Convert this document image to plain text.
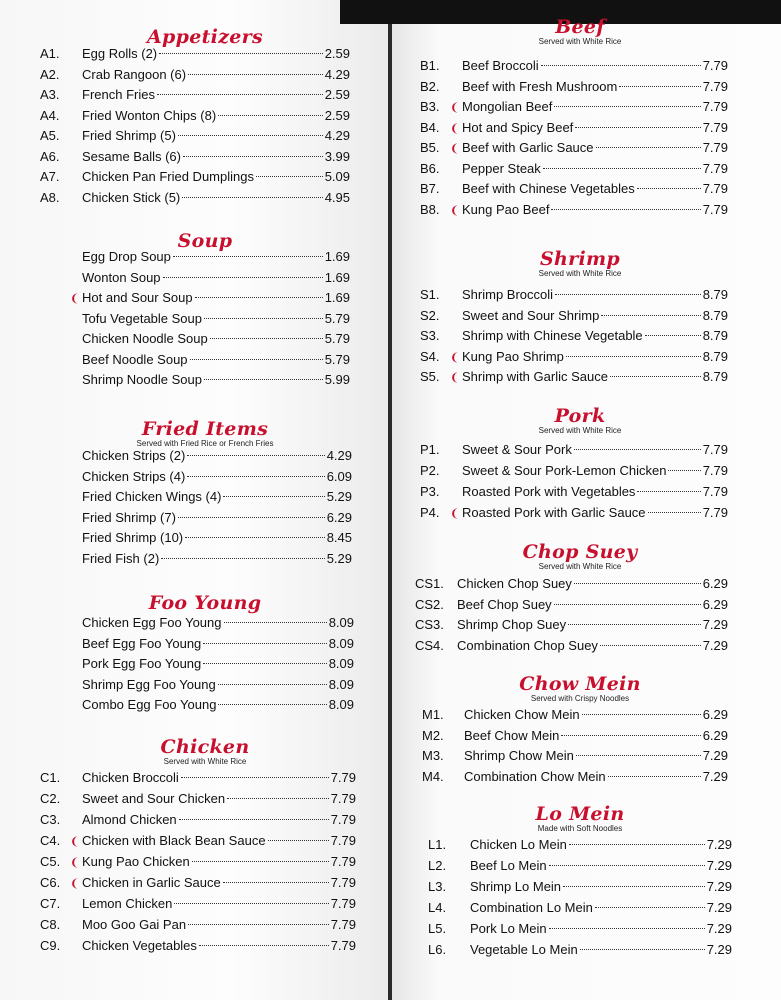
Appetizers
A1.	Egg Rolls (2)	2.59
A2.	Crab Rangoon (6)	4.29
A3.	French Fries	2.59
A4.	Fried Wonton Chips (8)	2.59
A5.	Fried Shrimp (5)	4.29
A6.	Sesame Balls (6)	3.99
A7.	Chicken Pan Fried Dumplings	5.09
A8.	Chicken Stick (5)	4.95
Soup
Egg Drop Soup	1.69
Wonton Soup	1.69
❨ Hot and Sour Soup	1.69
Tofu Vegetable Soup	5.79
Chicken Noodle Soup	5.79
Beef Noodle Soup	5.79
Shrimp Noodle Soup	5.99
Fried Items
Served with Fried Rice or French Fries
Chicken Strips (2)	4.29
Chicken Strips (4)	6.09
Fried Chicken Wings (4)	5.29
Fried Shrimp (7)	6.29
Fried Shrimp (10)	8.45
Fried Fish (2)	5.29
Foo Young
Chicken Egg Foo Young	8.09
Beef Egg Foo Young	8.09
Pork Egg Foo Young	8.09
Shrimp Egg Foo Young	8.09
Combo Egg Foo Young	8.09
Chicken
Served with White Rice
C1.	Chicken Broccoli	7.79
C2.	Sweet and Sour Chicken	7.79
C3.	Almond Chicken	7.79
C4. ❨ Chicken with Black Bean Sauce	7.79
C5. ❨ Kung Pao Chicken	7.79
C6. ❨ Chicken in Garlic Sauce	7.79
C7.	Lemon Chicken	7.79
C8.	Moo Goo Gai Pan	7.79
C9.	Chicken Vegetables	7.79
Beef
Served with White Rice
B1.	Beef Broccoli	7.79
B2.	Beef with Fresh Mushroom	7.79
B3. ❨ Mongolian Beef	7.79
B4. ❨ Hot and Spicy Beef	7.79
B5. ❨ Beef with Garlic Sauce	7.79
B6.	Pepper Steak	7.79
B7.	Beef with Chinese Vegetables	7.79
B8. ❨ Kung Pao Beef	7.79
Shrimp
Served with White Rice
S1.	Shrimp Broccoli	8.79
S2.	Sweet and Sour Shrimp	8.79
S3.	Shrimp with Chinese Vegetable	8.79
S4. ❨ Kung Pao Shrimp	8.79
S5. ❨ Shrimp with Garlic Sauce	8.79
Pork
Served with White Rice
P1.	Sweet & Sour Pork	7.79
P2.	Sweet & Sour Pork-Lemon Chicken	7.79
P3.	Roasted Pork with Vegetables	7.79
P4. ❨ Roasted Pork with Garlic Sauce	7.79
Chop Suey
Served with White Rice
CS1.	Chicken Chop Suey	6.29
CS2.	Beef Chop Suey	6.29
CS3.	Shrimp Chop Suey	7.29
CS4.	Combination Chop Suey	7.29
Chow Mein
Served with Crispy Noodles
M1.	Chicken Chow Mein	6.29
M2.	Beef Chow Mein	6.29
M3.	Shrimp Chow Mein	7.29
M4.	Combination Chow Mein	7.29
Lo Mein
Made with Soft Noodles
L1.	Chicken Lo Mein	7.29
L2.	Beef Lo Mein	7.29
L3.	Shrimp Lo Mein	7.29
L4.	Combination Lo Mein	7.29
L5.	Pork Lo Mein	7.29
L6.	Vegetable Lo Mein	7.29
